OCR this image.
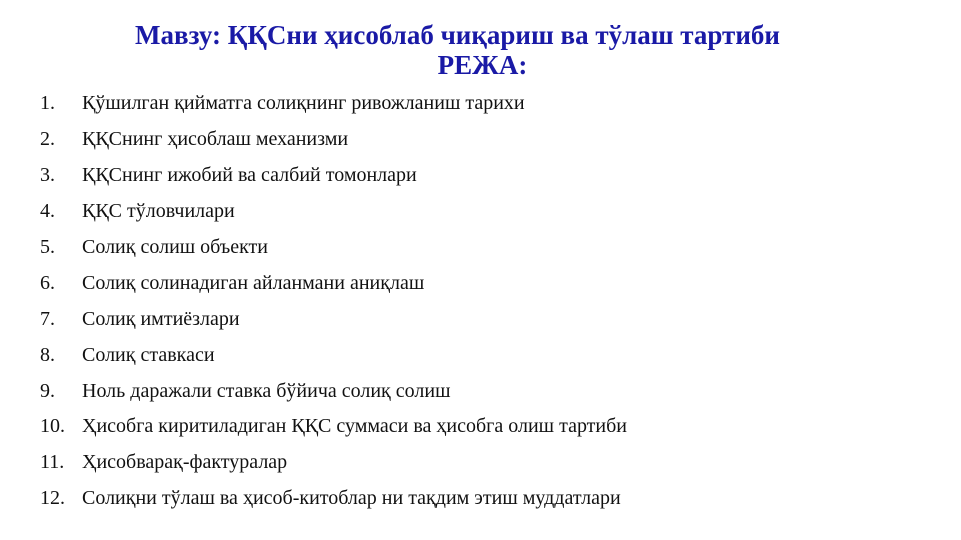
Мавзу: ҚҚСни ҳисоблаб чиқариш ва тўлаш тартиби
РЕЖА:
1.	Қўшилган қийматга солиқнинг ривожланиш тарихи
2.	ҚҚСнинг ҳисоблаш механизми
3.	ҚҚСнинг ижобий ва салбий томонлари
4.	ҚҚС тўловчилари
5.	Солиқ солиш объекти
6.	Солиқ солинадиган айланмани аниқлаш
7.	Солиқ имтиёзлари
8.	Солиқ ставкаси
9.	Ноль даражали ставка бўйича солиқ солиш
10. Ҳисобга киритиладиган ҚҚС суммаси ва ҳисобга олиш тартиби
11. Ҳисобварақ-фактуралар
12. Солиқни тўлаш ва ҳисоб-китоблар ни тақдим этиш муддатлари
